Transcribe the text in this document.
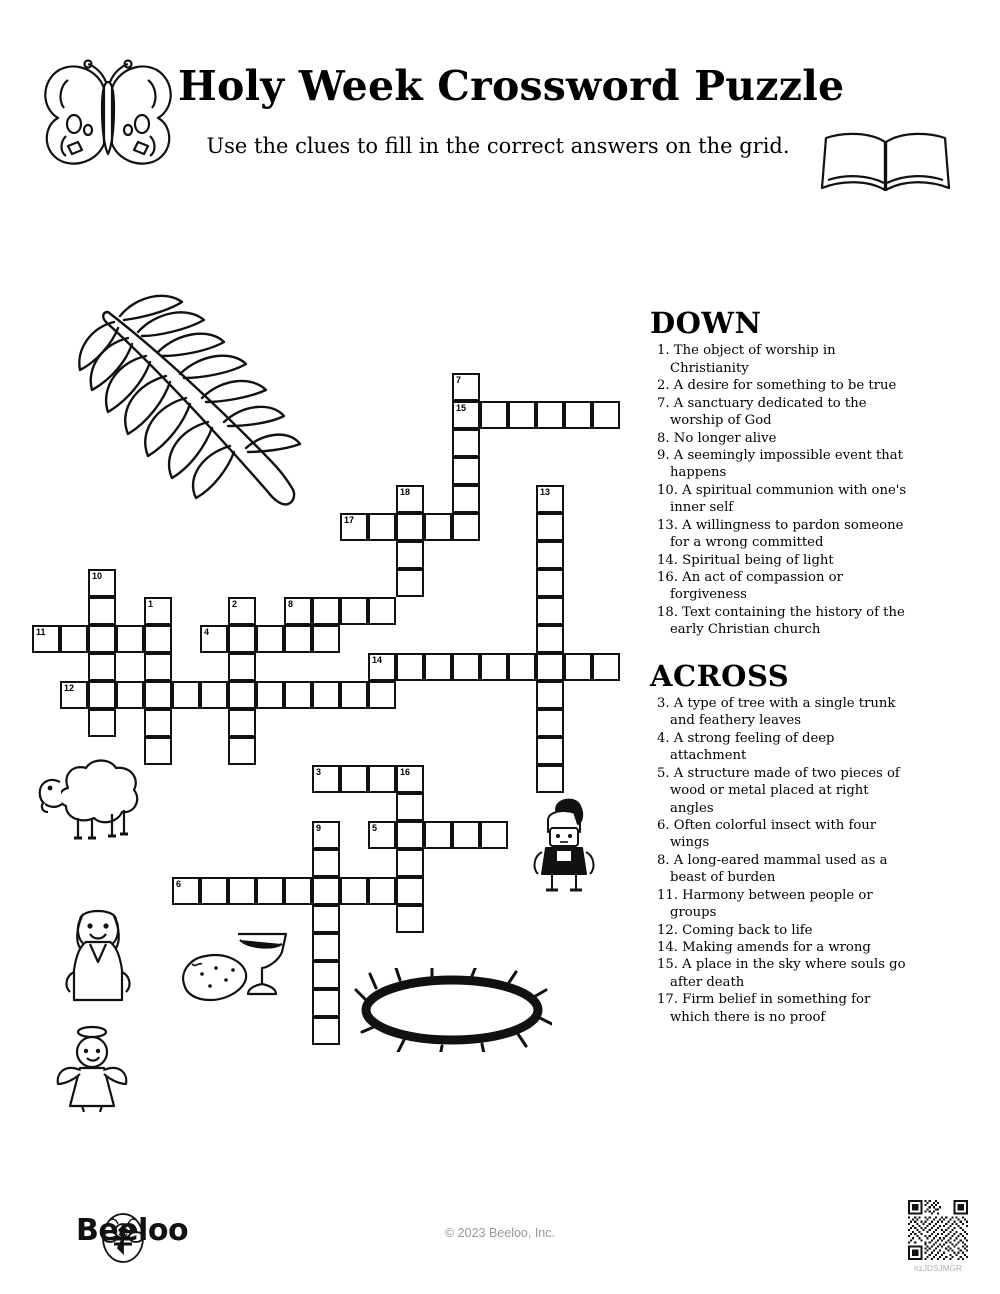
Holy Week Crossword Puzzle
Use the clues to fill in the correct answers on the grid.
7
15
18	13
17
10
1	2	8
11	4
14
12
3	16
9	5
6
DOWN
1. The object of worship in Christianity
2. A desire for something to be true
7. A sanctuary dedicated to the worship of God
8. No longer alive
9. A seemingly impossible event that happens
10. A spiritual communion with one's inner self
13. A willingness to pardon someone for a wrong committed
14. Spiritual being of light
16. An act of compassion or forgiveness
18. Text containing the history of the early Christian church
ACROSS
3. A type of tree with a single trunk and feathery leaves
4. A strong feeling of deep attachment
5. A structure made of two pieces of wood or metal placed at right angles
6. Often colorful insect with four wings
8. A long-eared mammal used as a beast of burden
11. Harmony between people or groups
12. Coming back to life
14. Making amends for a wrong
15. A place in the sky where souls go after death
17. Firm belief in something for which there is no proof
Beeloo	© 2023 Beeloo, Inc.
nzJDSJMGR
